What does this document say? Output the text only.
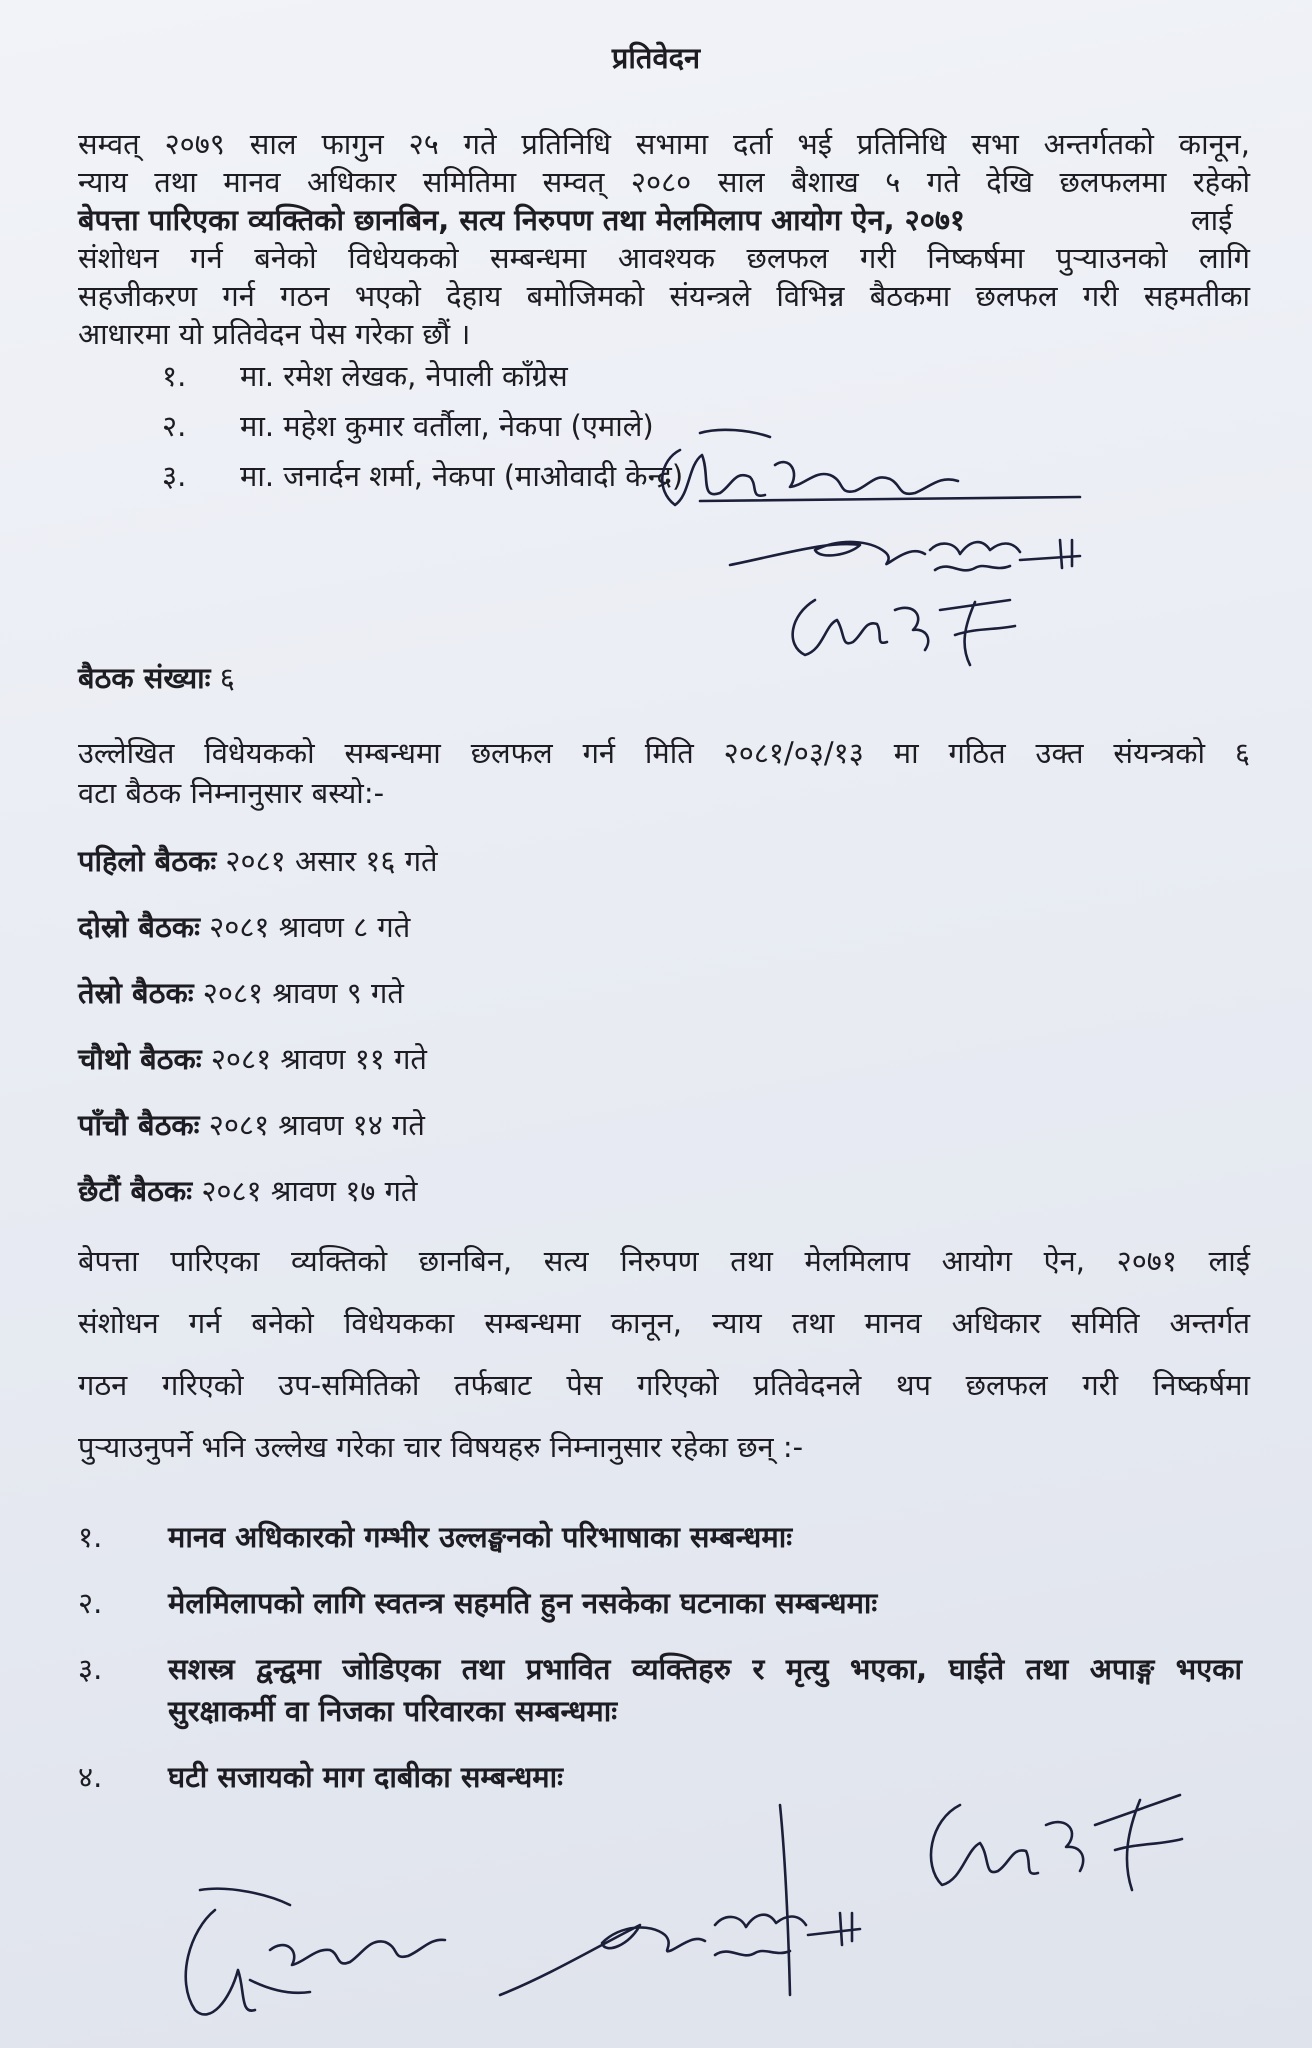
प्रतिवेदन
सम्वत् २०७९ साल फागुन २५ गते प्रतिनिधि सभामा दर्ता भई प्रतिनिधि सभा अन्तर्गतको कानून,
न्याय तथा मानव अधिकार समितिमा सम्वत् २०८० साल बैशाख ५ गते देखि छलफलमा रहेको
बेपत्ता पारिएका व्यक्तिको छानबिन, सत्य निरुपण तथा मेलमिलाप आयोग ऐन, २०७१	लाई
संशोधन गर्न बनेको विधेयकको सम्बन्धमा आवश्यक छलफल गरी निष्कर्षमा पुऱ्याउनको लागि
सहजीकरण गर्न गठन भएको देहाय बमोजिमको संयन्त्रले विभिन्न बैठकमा छलफल गरी सहमतीका
आधारमा यो प्रतिवेदन पेस गरेका छौं ।
१. मा. रमेश लेखक, नेपाली काँग्रेस
२. मा. महेश कुमार वर्तौला, नेकपा (एमाले)
३. मा. जनार्दन शर्मा, नेकपा (माओवादी केन्द्र)
बैठक संख्याः ६
उल्लेखित विधेयकको सम्बन्धमा छलफल गर्न मिति २०८१/०३/१३ मा गठित उक्त संयन्त्रको ६
वटा बैठक निम्नानुसार बस्यो:-
पहिलो बैठकः २०८१ असार १६ गते
दोस्रो बैठकः २०८१ श्रावण ८ गते
तेस्रो बैठकः २०८१ श्रावण ९ गते
चौथो बैठकः २०८१ श्रावण ११ गते
पाँचौ बैठकः २०८१ श्रावण १४ गते
छैटौं बैठकः २०८१ श्रावण १७ गते
बेपत्ता पारिएका व्यक्तिको छानबिन, सत्य निरुपण तथा मेलमिलाप आयोग ऐन, २०७१ लाई
संशोधन गर्न बनेको विधेयकका सम्बन्धमा कानून, न्याय तथा मानव अधिकार समिति अन्तर्गत
गठन गरिएको उप-समितिको तर्फबाट पेस गरिएको प्रतिवेदनले थप छलफल गरी निष्कर्षमा
पुऱ्याउनुपर्ने भनि उल्लेख गरेका चार विषयहरु निम्नानुसार रहेका छन् :-
१. मानव अधिकारको गम्भीर उल्लङ्घनको परिभाषाका सम्बन्धमाः
२. मेलमिलापको लागि स्वतन्त्र सहमति हुन नसकेका घटनाका सम्बन्धमाः
३. सशस्त्र द्वन्द्वमा जोडिएका तथा प्रभावित व्यक्तिहरु र मृत्यु भएका, घाईते तथा अपाङ्ग भएका
सुरक्षाकर्मी वा निजका परिवारका सम्बन्धमाः
४. घटी सजायको माग दाबीका सम्बन्धमाः
